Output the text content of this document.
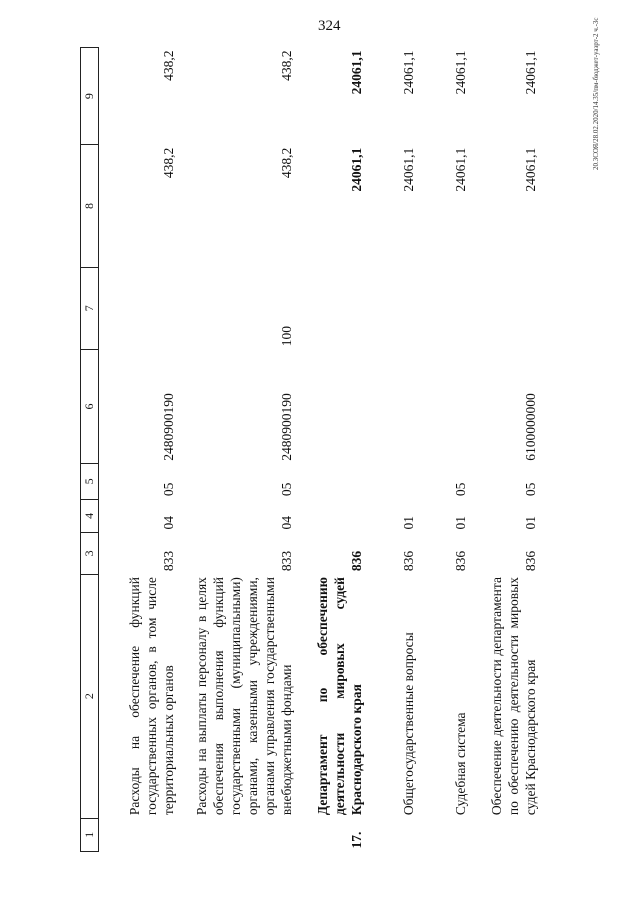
324	20.3СОЯ/28.02.2020/14.35/пм-бюджет-уазрт-2 ч.-3с
1	2	3	4	5	6	7	8	9
	Расходы на обеспечение функций государственных органов, в том числе территориальных органов	833	04	05	2480900190		438,2	438,2
	Расходы на выплаты персоналу в целях обеспечения выполнения функций государственными (муниципальными) органами, казенными учреждениями, органами управления государственными внебюджетными фондами	833	04	05	2480900190	100	438,2	438,2
17.	Департамент по обеспечению деятельности мировых судей Краснодарского края	836					24061,1	24061,1
	Общегосударственные вопросы	836	01				24061,1	24061,1
	Судебная система	836	01	05			24061,1	24061,1
	Обеспечение деятельности департамента по обеспечению деятельности мировых судей Краснодарского края	836	01	05	6100000000		24061,1	24061,1
